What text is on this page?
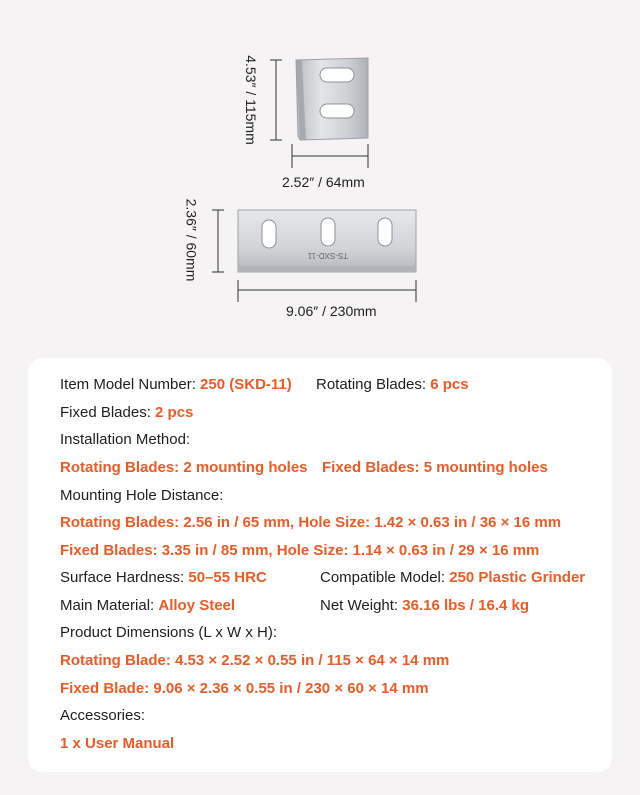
TS-SXD-11
4.53″ / 115mm
2.52″ / 64mm
2.36″ / 60mm
9.06″ / 230mm
Item Model Number: 250 (SKD-11) Rotating Blades: 6 pcs
Fixed Blades: 2 pcs
Installation Method:
Rotating Blades: 2 mounting holes Fixed Blades: 5 mounting holes
Mounting Hole Distance:
Rotating Blades: 2.56 in / 65 mm, Hole Size: 1.42 × 0.63 in / 36 × 16 mm
Fixed Blades: 3.35 in / 85 mm, Hole Size: 1.14 × 0.63 in / 29 × 16 mm
Surface Hardness: 50–55 HRC	Compatible Model: 250 Plastic Grinder
Main Material: Alloy Steel	Net Weight: 36.16 lbs / 16.4 kg
Product Dimensions (L x W x H):
Rotating Blade: 4.53 × 2.52 × 0.55 in / 115 × 64 × 14 mm
Fixed Blade: 9.06 × 2.36 × 0.55 in / 230 × 60 × 14 mm
Accessories:
1 x User Manual
